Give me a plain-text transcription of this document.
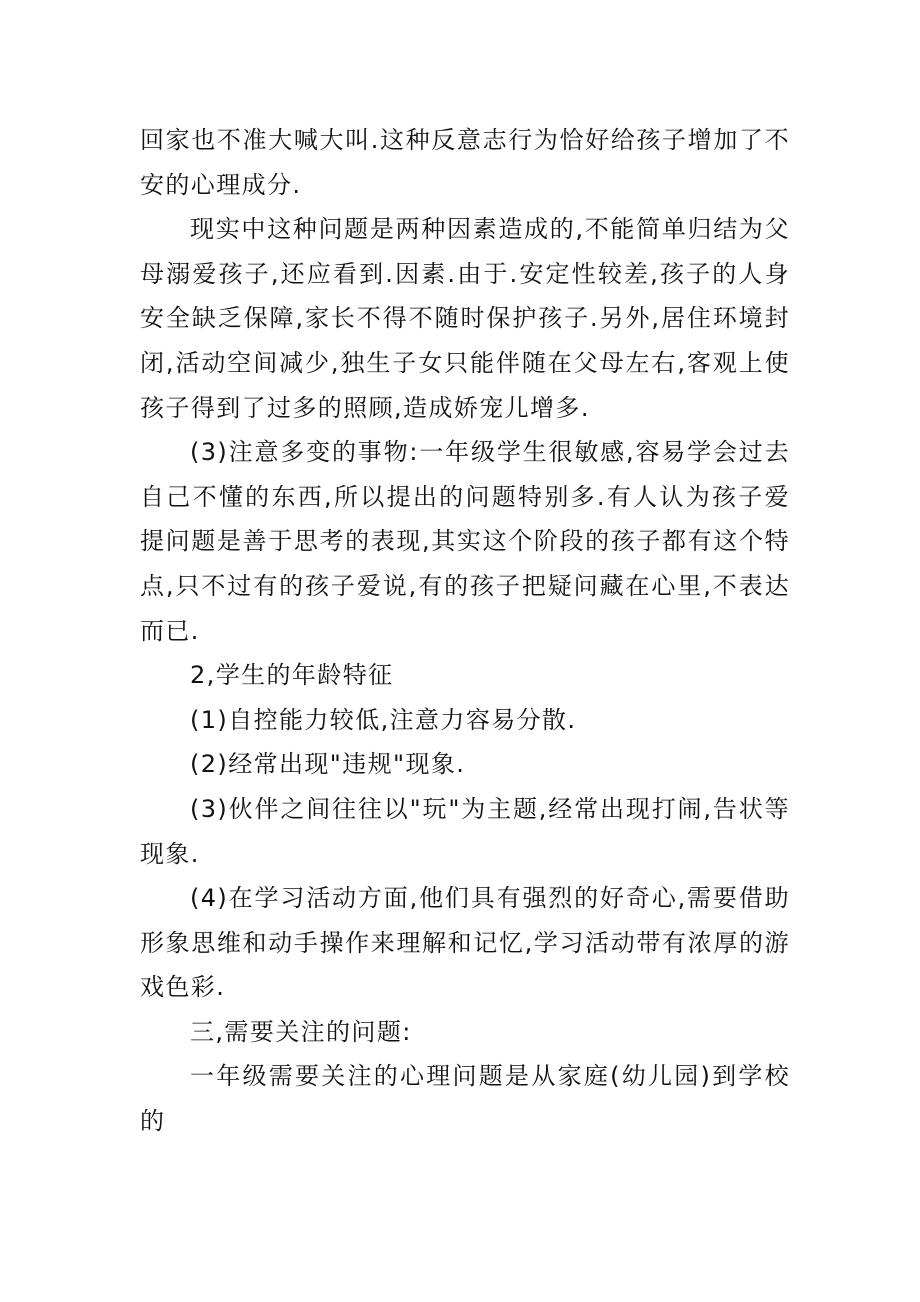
回家也不准大喊大叫.这种反意志行为恰好给孩子增加了不安的心理成分.

现实中这种问题是两种因素造成的,不能简单归结为父母溺爱孩子,还应看到.因素.由于.安定性较差,孩子的人身安全缺乏保障,家长不得不随时保护孩子.另外,居住环境封闭,活动空间减少,独生子女只能伴随在父母左右,客观上使孩子得到了过多的照顾,造成娇宠儿增多.

(3)注意多变的事物:一年级学生很敏感,容易学会过去自己不懂的东西,所以提出的问题特别多.有人认为孩子爱提问题是善于思考的表现,其实这个阶段的孩子都有这个特点,只不过有的孩子爱说,有的孩子把疑问藏在心里,不表达而已.

2,学生的年龄特征

(1)自控能力较低,注意力容易分散.

(2)经常出现"违规"现象.

(3)伙伴之间往往以"玩"为主题,经常出现打闹,告状等现象.

(4)在学习活动方面,他们具有强烈的好奇心,需要借助形象思维和动手操作来理解和记忆,学习活动带有浓厚的游戏色彩.

三,需要关注的问题:

一年级需要关注的心理问题是从家庭(幼儿园)到学校的
